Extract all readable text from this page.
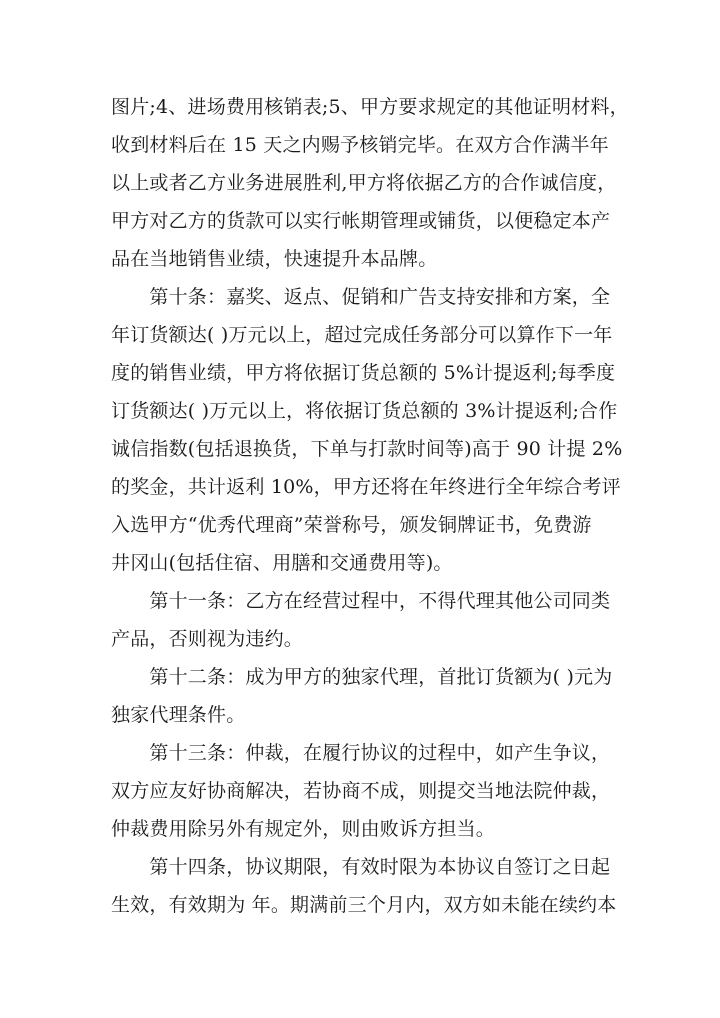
图片;4、进场费用核销表;5、甲方要求规定的其他证明材料，
收到材料后在 15 天之内赐予核销完毕。在双方合作满半年
以上或者乙方业务进展胜利,甲方将依据乙方的合作诚信度，
甲方对乙方的货款可以实行帐期管理或铺货，以便稳定本产
品在当地销售业绩，快速提升本品牌。
　　第十条：嘉奖、返点、促销和广告支持安排和方案，全
年订货额达( )万元以上，超过完成任务部分可以算作下一年
度的销售业绩，甲方将依据订货总额的 5%计提返利;每季度
订货额达( )万元以上，将依据订货总额的 3%计提返利;合作
诚信指数(包括退换货，下单与打款时间等)高于 90 计提 2%
的奖金，共计返利 10%，甲方还将在年终进行全年综合考评
入选甲方“优秀代理商”荣誉称号，颁发铜牌证书，免费游
井冈山(包括住宿、用膳和交通费用等)。
　　第十一条：乙方在经营过程中，不得代理其他公司同类
产品，否则视为违约。
　　第十二条：成为甲方的独家代理，首批订货额为( )元为
独家代理条件。
　　第十三条：仲裁，在履行协议的过程中，如产生争议，
双方应友好协商解决，若协商不成，则提交当地法院仲裁，
仲裁费用除另外有规定外，则由败诉方担当。
　　第十四条，协议期限，有效时限为本协议自签订之日起
生效，有效期为 年。期满前三个月内，双方如未能在续约本
